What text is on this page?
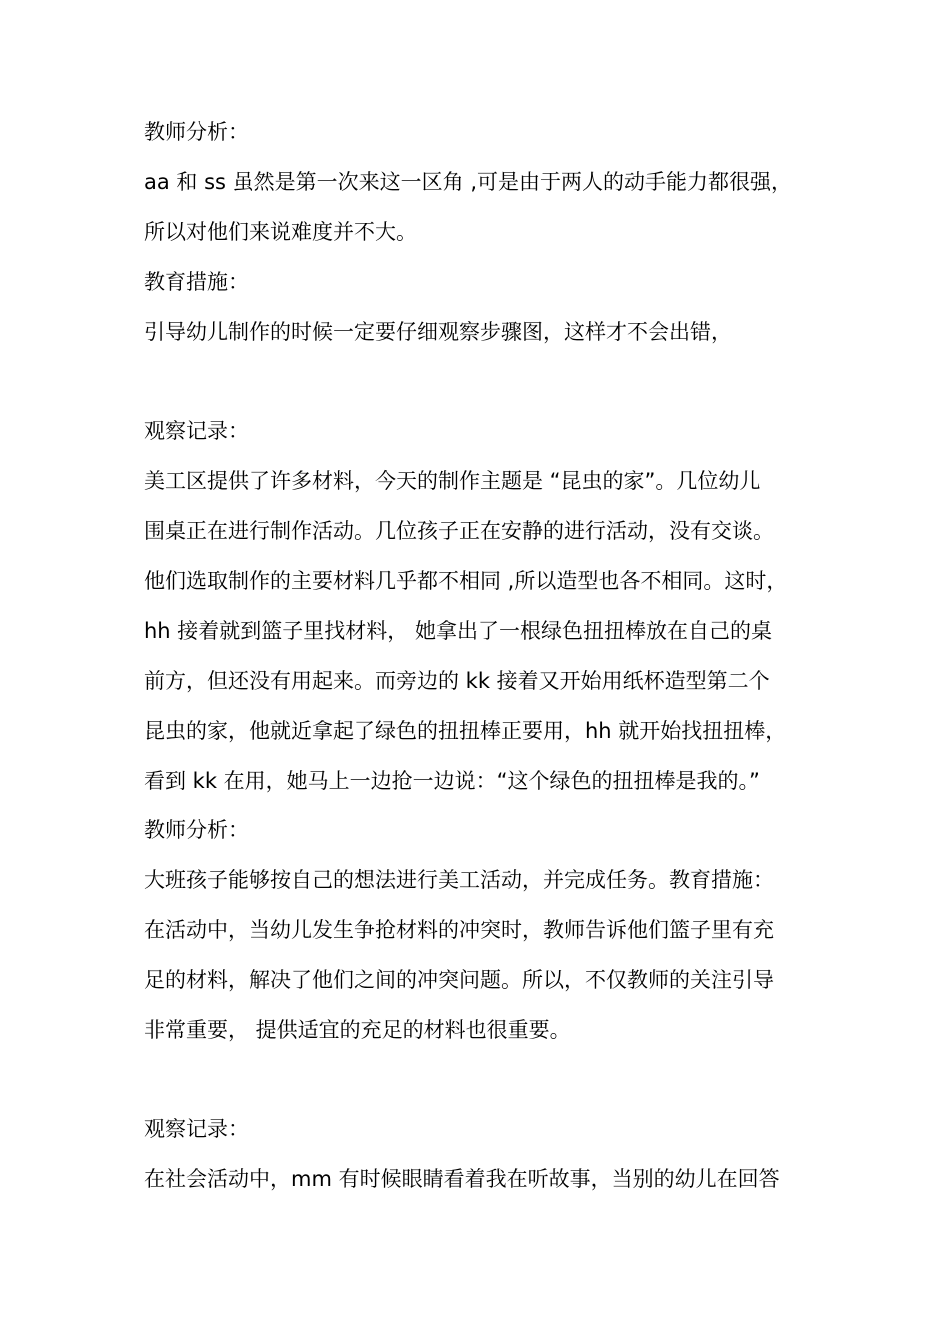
教师分析：
aa 和 ss 虽然是第一次来这一区角 ,可是由于两人的动手能力都很强，
所以对他们来说难度并不大。
教育措施：
引导幼儿制作的时候一定要仔细观察步骤图，这样才不会出错，
观察记录：
美工区提供了许多材料，今天的制作主题是 “昆虫的家”。几位幼儿
围桌正在进行制作活动。几位孩子正在安静的进行活动，没有交谈。
他们选取制作的主要材料几乎都不相同 ,所以造型也各不相同。这时，
hh 接着就到篮子里找材料， 她拿出了一根绿色扭扭棒放在自己的桌
前方，但还没有用起来。而旁边的 kk 接着又开始用纸杯造型第二个
昆虫的家，他就近拿起了绿色的扭扭棒正要用，hh 就开始找扭扭棒，
看到 kk 在用，她马上一边抢一边说：“这个绿色的扭扭棒是我的。”
教师分析：
大班孩子能够按自己的想法进行美工活动，并完成任务。教育措施：
在活动中，当幼儿发生争抢材料的冲突时，教师告诉他们篮子里有充
足的材料，解决了他们之间的冲突问题。所以，不仅教师的关注引导
非常重要， 提供适宜的充足的材料也很重要。
观察记录：
在社会活动中，mm 有时候眼睛看着我在听故事，当别的幼儿在回答
